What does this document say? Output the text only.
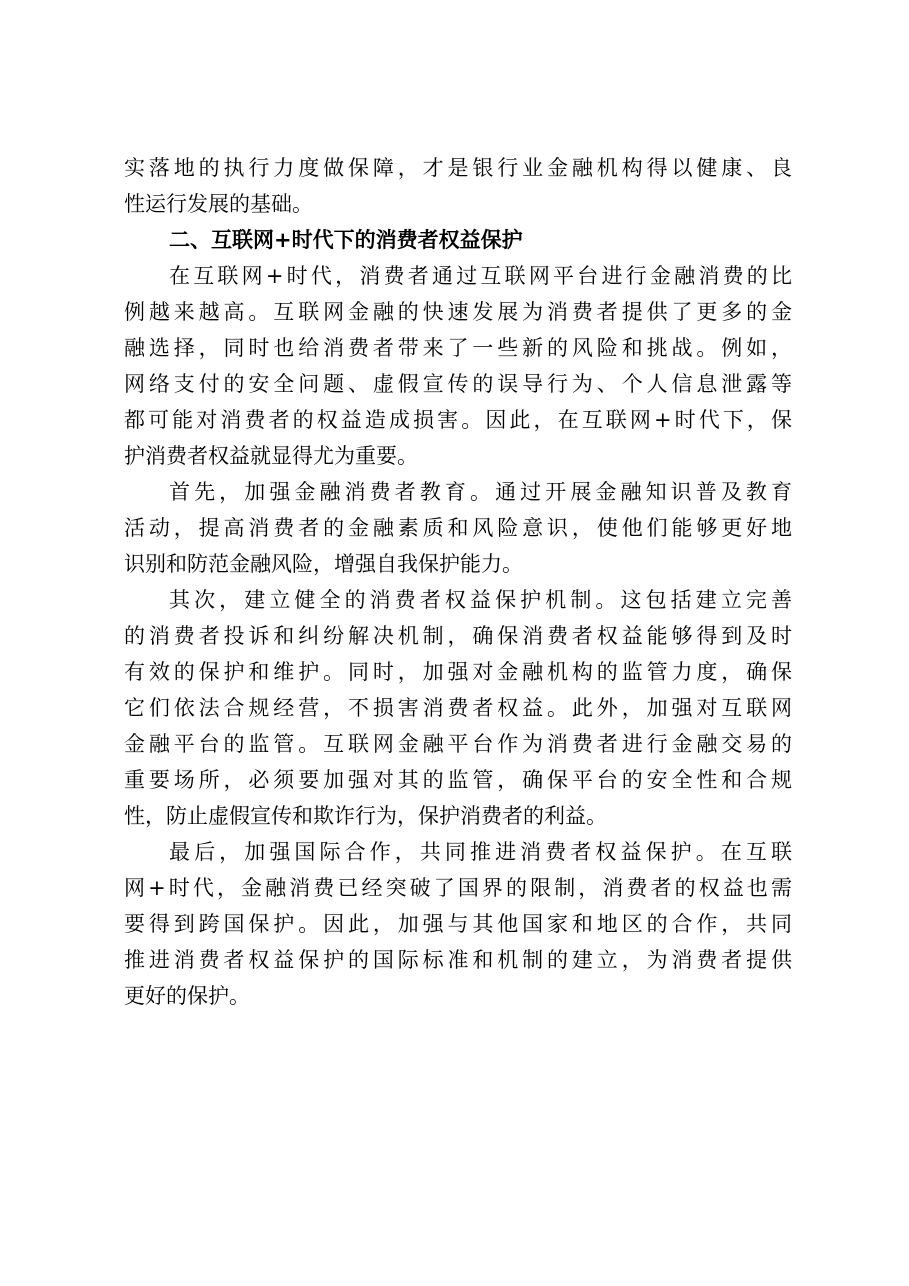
实落地的执行力度做保障，才是银行业金融机构得以健康、良
性运行发展的基础。
二、互联网+时代下的消费者权益保护
在互联网+时代，消费者通过互联网平台进行金融消费的比
例越来越高。互联网金融的快速发展为消费者提供了更多的金
融选择，同时也给消费者带来了一些新的风险和挑战。例如，
网络支付的安全问题、虚假宣传的误导行为、个人信息泄露等
都可能对消费者的权益造成损害。因此，在互联网+时代下，保
护消费者权益就显得尤为重要。
首先，加强金融消费者教育。通过开展金融知识普及教育
活动，提高消费者的金融素质和风险意识，使他们能够更好地
识别和防范金融风险，增强自我保护能力。
其次，建立健全的消费者权益保护机制。这包括建立完善
的消费者投诉和纠纷解决机制，确保消费者权益能够得到及时
有效的保护和维护。同时，加强对金融机构的监管力度，确保
它们依法合规经营，不损害消费者权益。此外，加强对互联网
金融平台的监管。互联网金融平台作为消费者进行金融交易的
重要场所，必须要加强对其的监管，确保平台的安全性和合规
性，防止虚假宣传和欺诈行为，保护消费者的利益。
最后，加强国际合作，共同推进消费者权益保护。在互联
网+时代，金融消费已经突破了国界的限制，消费者的权益也需
要得到跨国保护。因此，加强与其他国家和地区的合作，共同
推进消费者权益保护的国际标准和机制的建立，为消费者提供
更好的保护。
